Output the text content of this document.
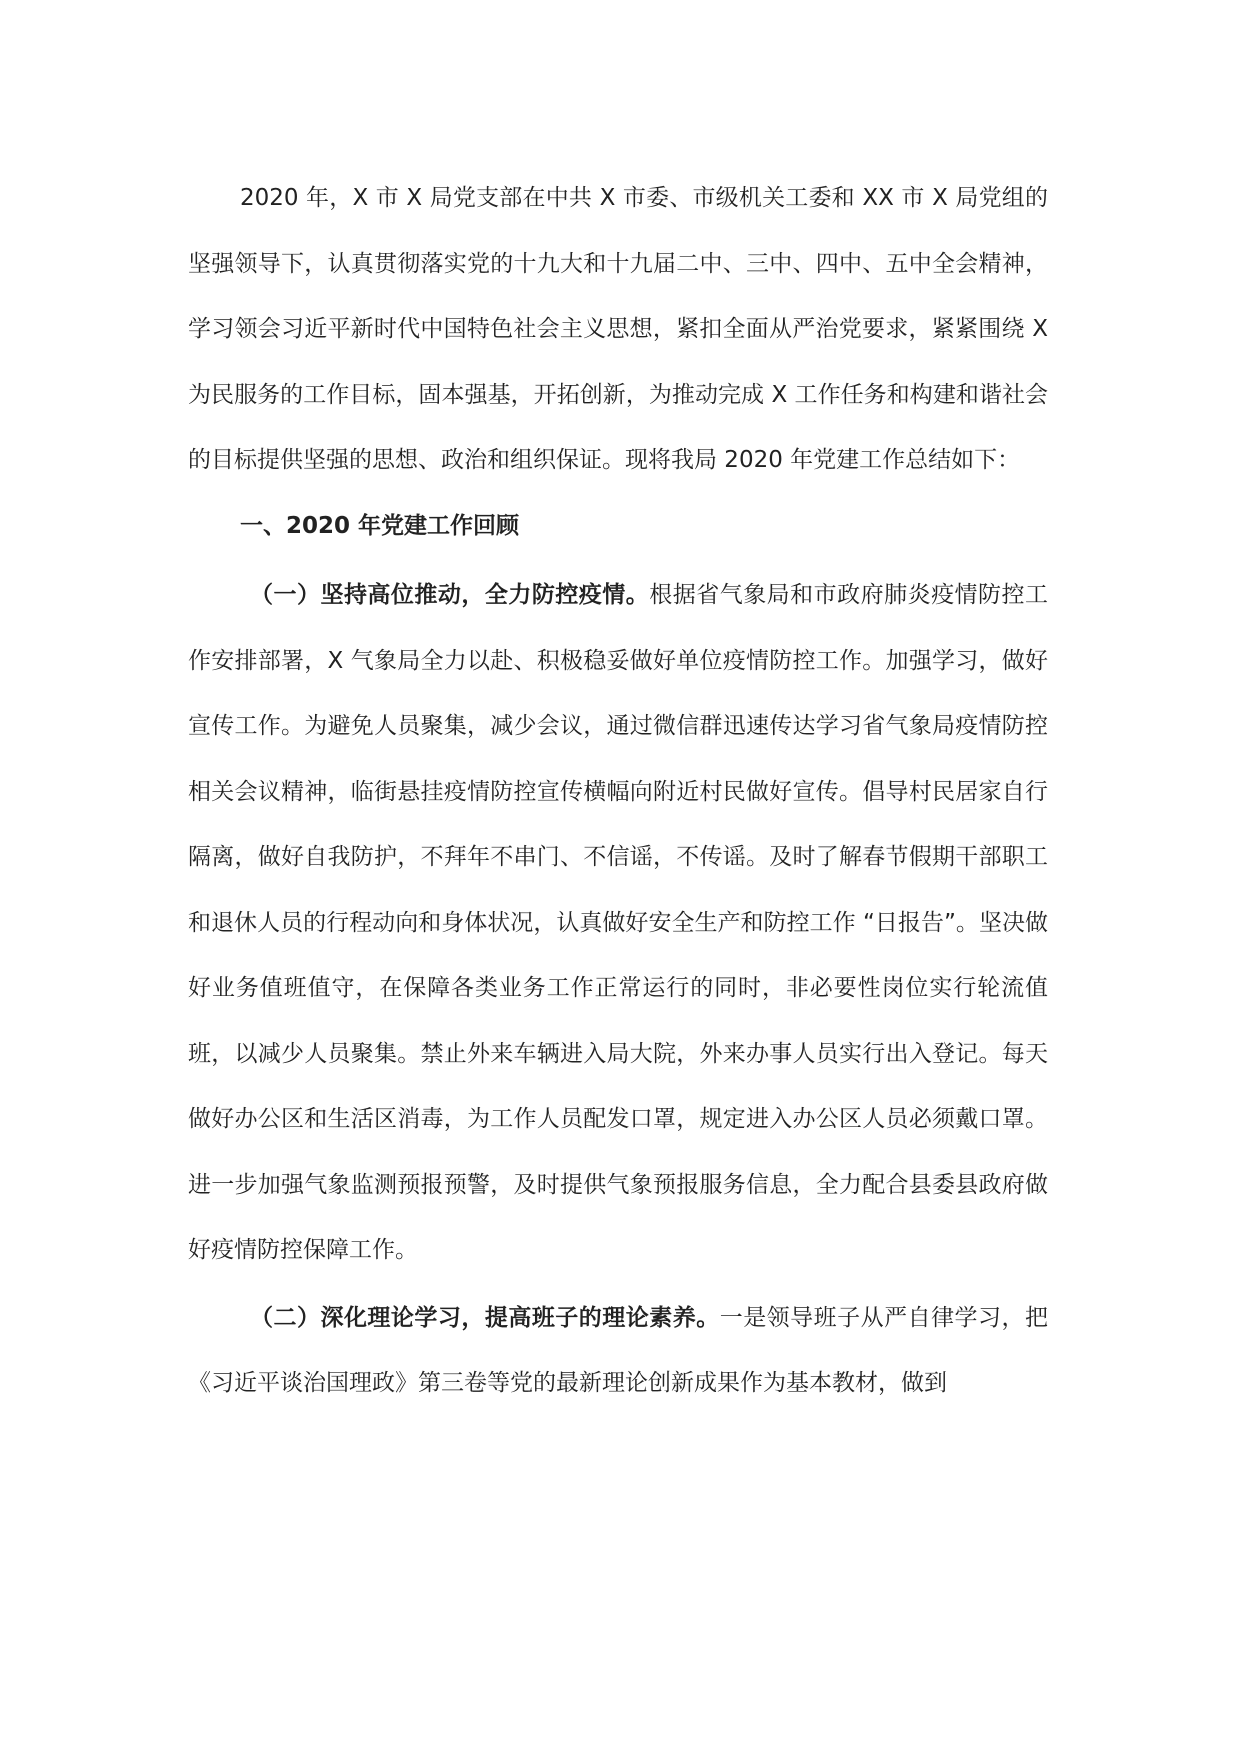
2020 年，X 市 X 局党支部在中共 X 市委、市级机关工委和 XX 市 X 局党组的坚强领导下，认真贯彻落实党的十九大和十九届二中、三中、四中、五中全会精神，学习领会习近平新时代中国特色社会主义思想，紧扣全面从严治党要求，紧紧围绕 X 为民服务的工作目标，固本强基，开拓创新，为推动完成 X 工作任务和构建和谐社会的目标提供坚强的思想、政治和组织保证。现将我局 2020 年党建工作总结如下：

一、2020 年党建工作回顾

（一）坚持高位推动，全力防控疫情。根据省气象局和市政府肺炎疫情防控工作安排部署，X 气象局全力以赴、积极稳妥做好单位疫情防控工作。加强学习，做好宣传工作。为避免人员聚集，减少会议，通过微信群迅速传达学习省气象局疫情防控相关会议精神，临街悬挂疫情防控宣传横幅向附近村民做好宣传。倡导村民居家自行隔离，做好自我防护，不拜年不串门、不信谣，不传谣。及时了解春节假期干部职工和退休人员的行程动向和身体状况，认真做好安全生产和防控工作 “日报告”。坚决做好业务值班值守，在保障各类业务工作正常运行的同时，非必要性岗位实行轮流值班，以减少人员聚集。禁止外来车辆进入局大院，外来办事人员实行出入登记。每天做好办公区和生活区消毒，为工作人员配发口罩，规定进入办公区人员必须戴口罩。进一步加强气象监测预报预警，及时提供气象预报服务信息，全力配合县委县政府做好疫情防控保障工作。

（二）深化理论学习，提高班子的理论素养。一是领导班子从严自律学习，把《习近平谈治国理政》第三卷等党的最新理论创新成果作为基本教材，做到
